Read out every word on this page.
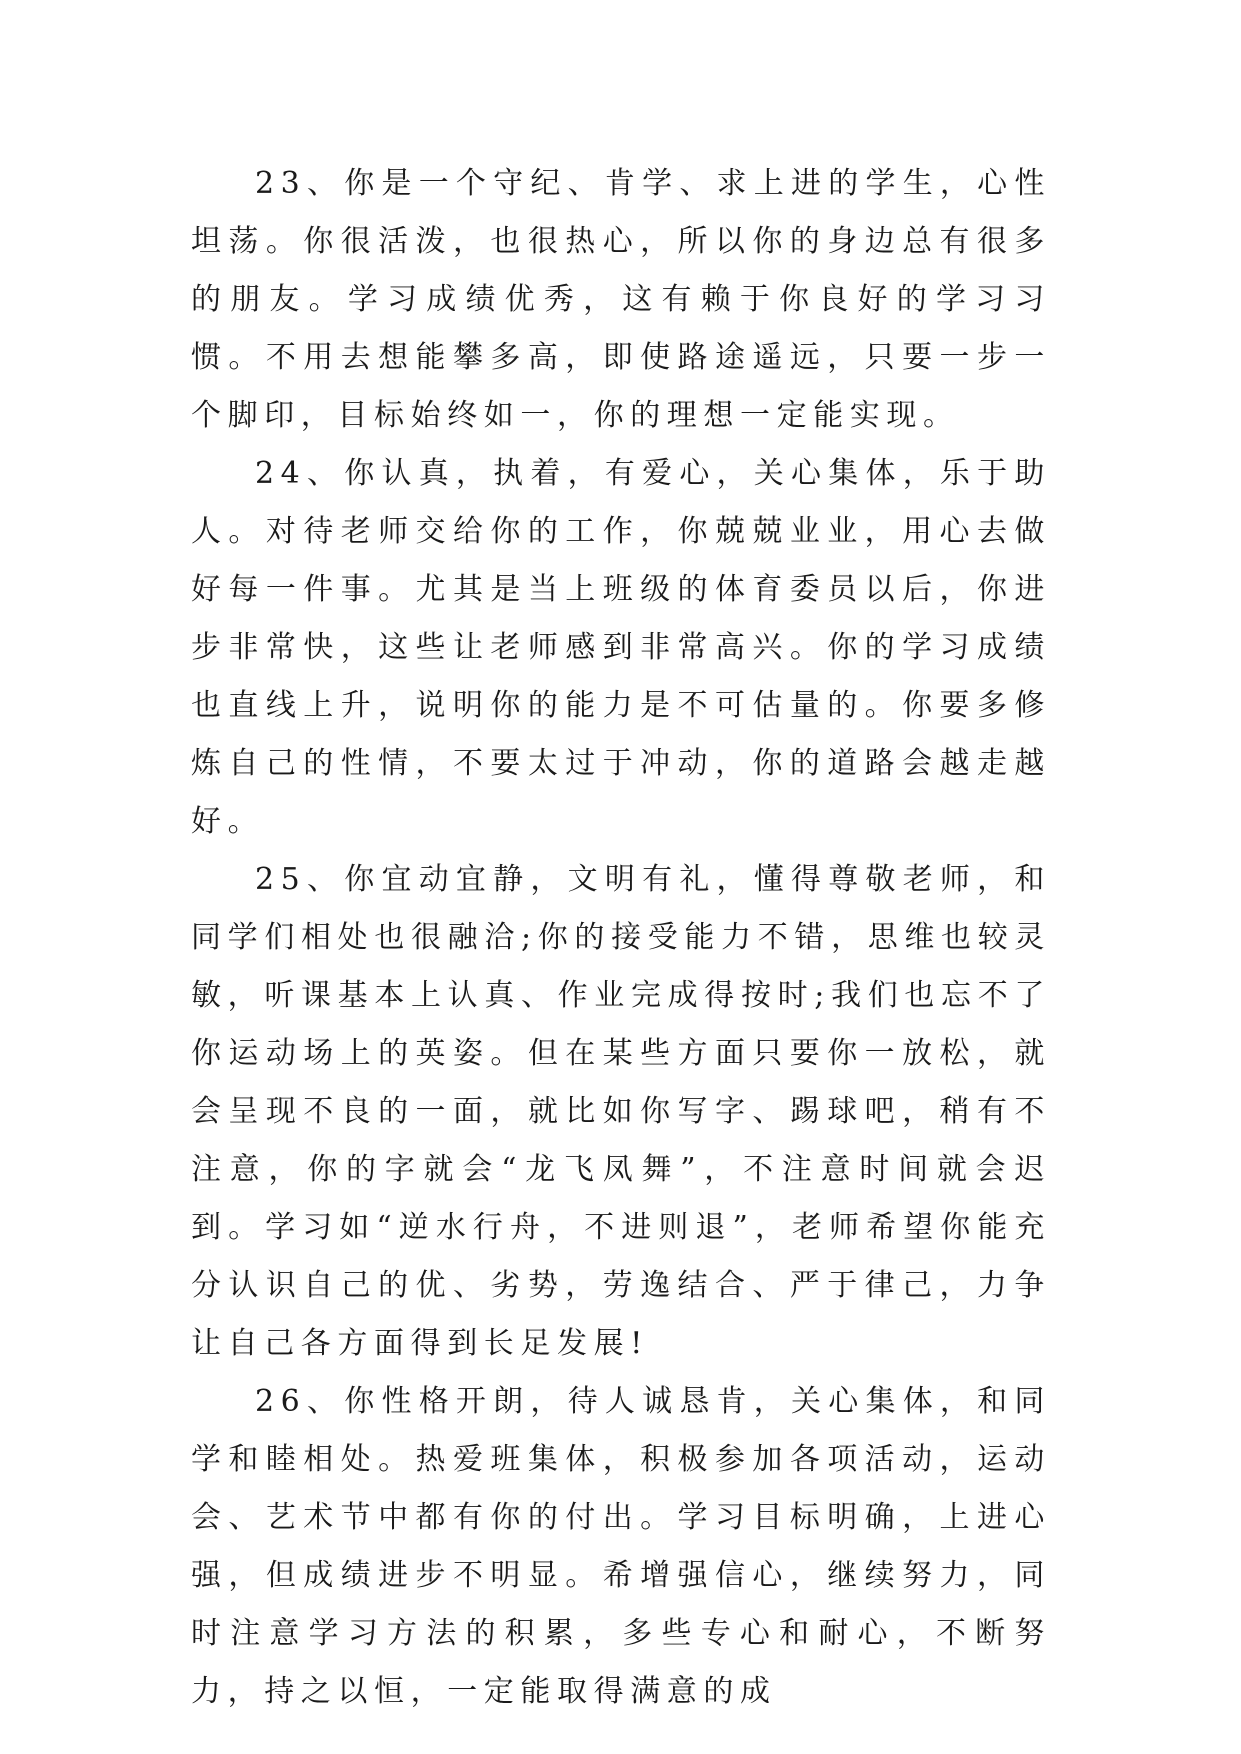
23、你是一个守纪、肯学、求上进的学生，心性坦荡。你很活泼，也很热心，所以你的身边总有很多的朋友。学习成绩优秀，这有赖于你良好的学习习惯。不用去想能攀多高，即使路途遥远，只要一步一个脚印，目标始终如一，你的理想一定能实现。

24、你认真，执着，有爱心，关心集体，乐于助人。对待老师交给你的工作，你兢兢业业，用心去做好每一件事。尤其是当上班级的体育委员以后，你进步非常快，这些让老师感到非常高兴。你的学习成绩也直线上升，说明你的能力是不可估量的。你要多修炼自己的性情，不要太过于冲动，你的道路会越走越好。

25、你宜动宜静，文明有礼，懂得尊敬老师，和同学们相处也很融洽;你的接受能力不错，思维也较灵敏，听课基本上认真、作业完成得按时;我们也忘不了你运动场上的英姿。但在某些方面只要你一放松，就会呈现不良的一面，就比如你写字、踢球吧，稍有不注意，你的字就会“龙飞凤舞”，不注意时间就会迟到。学习如“逆水行舟，不进则退”，老师希望你能充分认识自己的优、劣势，劳逸结合、严于律己，力争让自己各方面得到长足发展!

26、你性格开朗，待人诚恳肯，关心集体，和同学和睦相处。热爱班集体，积极参加各项活动，运动会、艺术节中都有你的付出。学习目标明确，上进心强，但成绩进步不明显。希增强信心，继续努力，同时注意学习方法的积累，多些专心和耐心，不断努力，持之以恒，一定能取得满意的成
